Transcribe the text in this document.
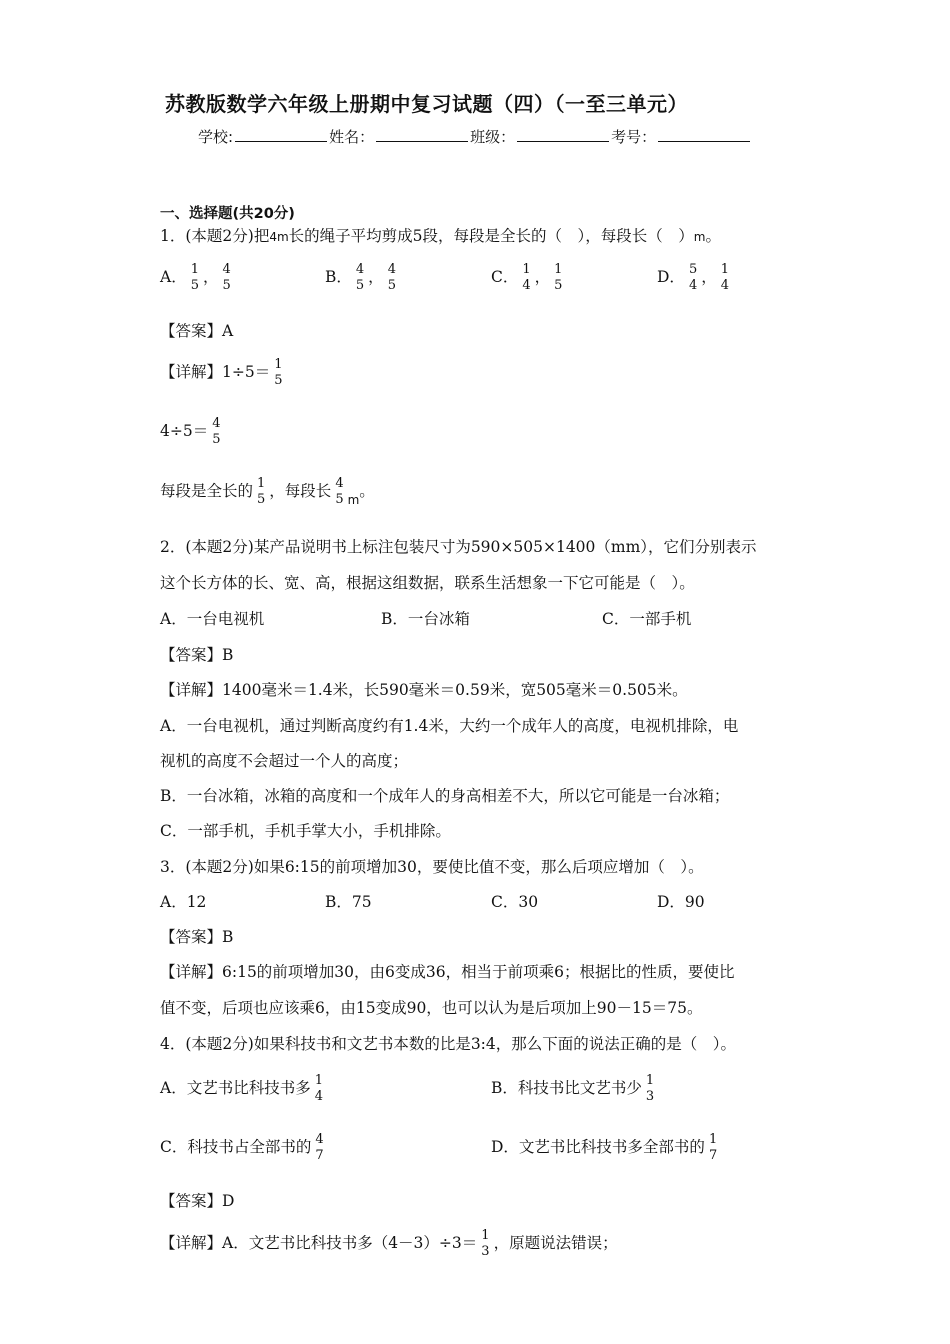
苏教版数学六年级上册期中复习试题（四）（一至三单元）
学校:	姓名：	班级：	考号：
一、选择题(共20分)
1．(本题2分)把4m长的绳子平均剪成5段，每段是全长的（　），每段长（　）m。
A． 1
5 ， 4
5	B． 4
5 ， 4
5	C． 1
4 ， 1
5	D． 5
4 ， 1
4
【答案】A
【详解】1÷5＝ 1
5
4÷5＝ 4
5
每段是全长的 1
5 ，每段长 4
5 $_m$。
2．(本题2分)某产品说明书上标注包装尺寸为590×505×1400（mm），它们分别表示
这个长方体的长、宽、高，根据这组数据，联系生活想象一下它可能是（　）。
A．一台电视机	B．一台冰箱	C．一部手机
【答案】B
【详解】1400毫米＝1.4米，长590毫米＝0.59米，宽505毫米＝0.505米。
A．一台电视机，通过判断高度约有1.4米，大约一个成年人的高度，电视机排除，电
视机的高度不会超过一个人的高度；
B．一台冰箱，冰箱的高度和一个成年人的身高相差不大，所以它可能是一台冰箱；
C．一部手机，手机手掌大小，手机排除。
3．(本题2分)如果6:15的前项增加30，要使比值不变，那么后项应增加（　）。
A．12	B．75	C．30	D．90
【答案】B
【详解】6:15的前项增加30，由6变成36，相当于前项乘6；根据比的性质，要使比
值不变，后项也应该乘6，由15变成90，也可以认为是后项加上90－15＝75。
4．(本题2分)如果科技书和文艺书本数的比是3:4，那么下面的说法正确的是（　）。
A．文艺书比科技书多 1
4	B．科技书比文艺书少 1
3
C．科技书占全部书的 4
7	D．文艺书比科技书多全部书的 1
7
【答案】D
【详解】A．文艺书比科技书多（4－3）÷3＝ 1
3 ，原题说法错误；
